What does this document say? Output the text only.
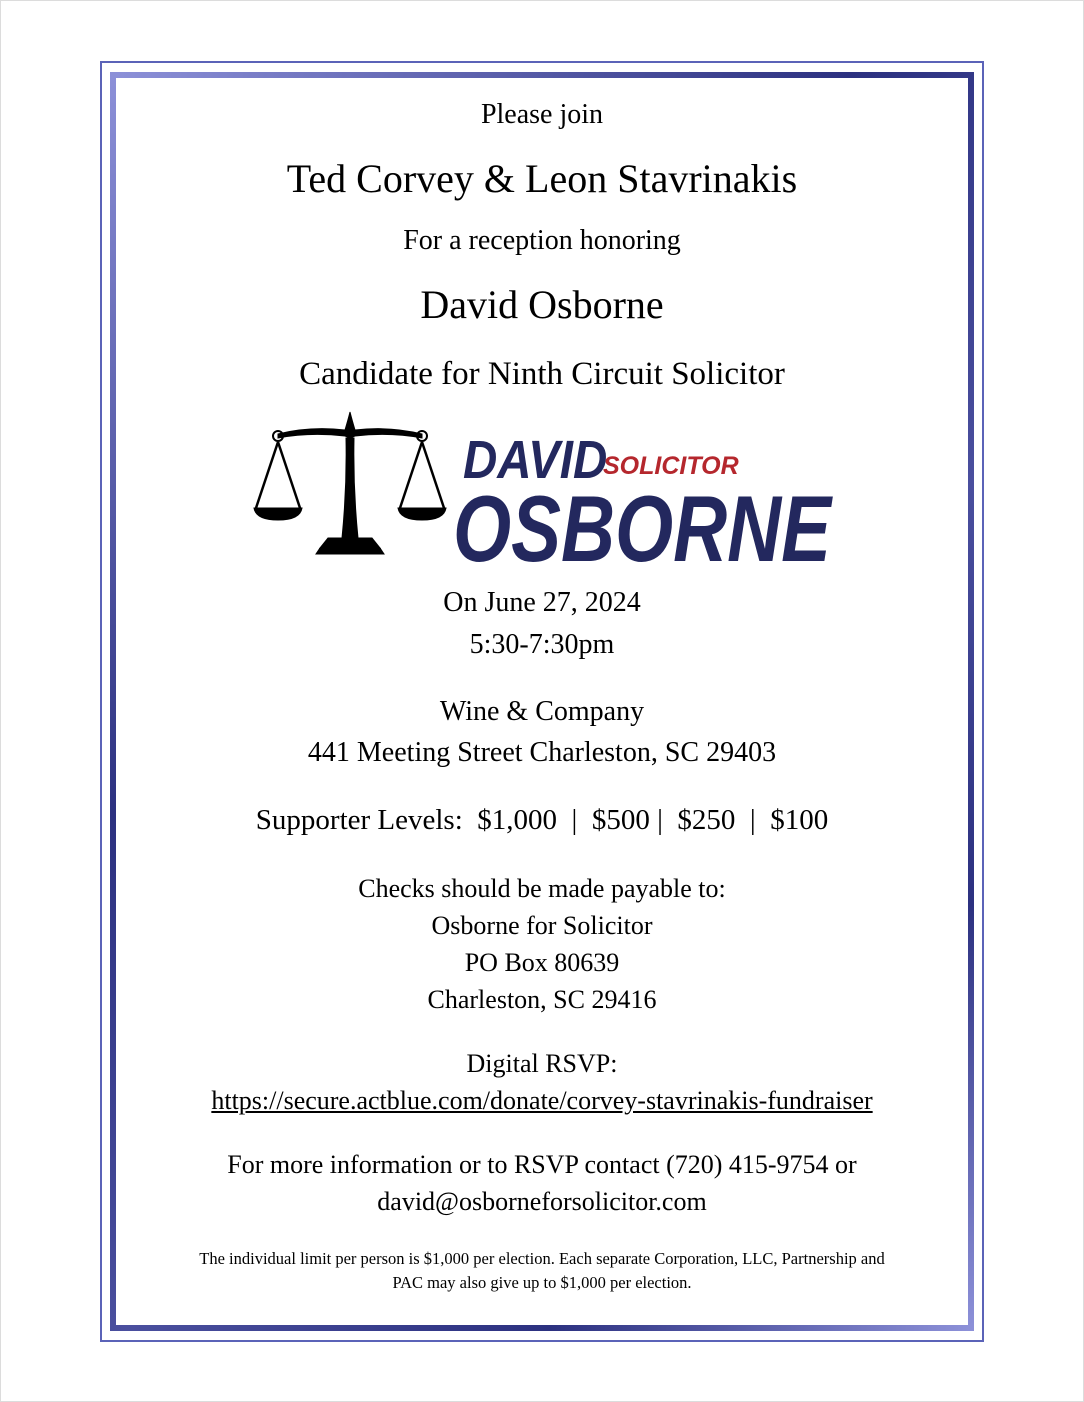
Please join
Ted Corvey & Leon Stavrinakis
For a reception honoring
David Osborne
Candidate for Ninth Circuit Solicitor
DAVID
SOLICITOR
OSBORNE
On June 27, 2024
5:30-7:30pm
Wine & Company
441 Meeting Street Charleston, SC 29403
Supporter Levels: $1,000 | $500 | $250 | $100
Checks should be made payable to:
Osborne for Solicitor
PO Box 80639
Charleston, SC 29416
Digital RSVP:
https://secure.actblue.com/donate/corvey-stavrinakis-fundraiser
For more information or to RSVP contact (720) 415-9754 or
david@osborneforsolicitor.com
The individual limit per person is $1,000 per election. Each separate Corporation, LLC, Partnership and
PAC may also give up to $1,000 per election.
